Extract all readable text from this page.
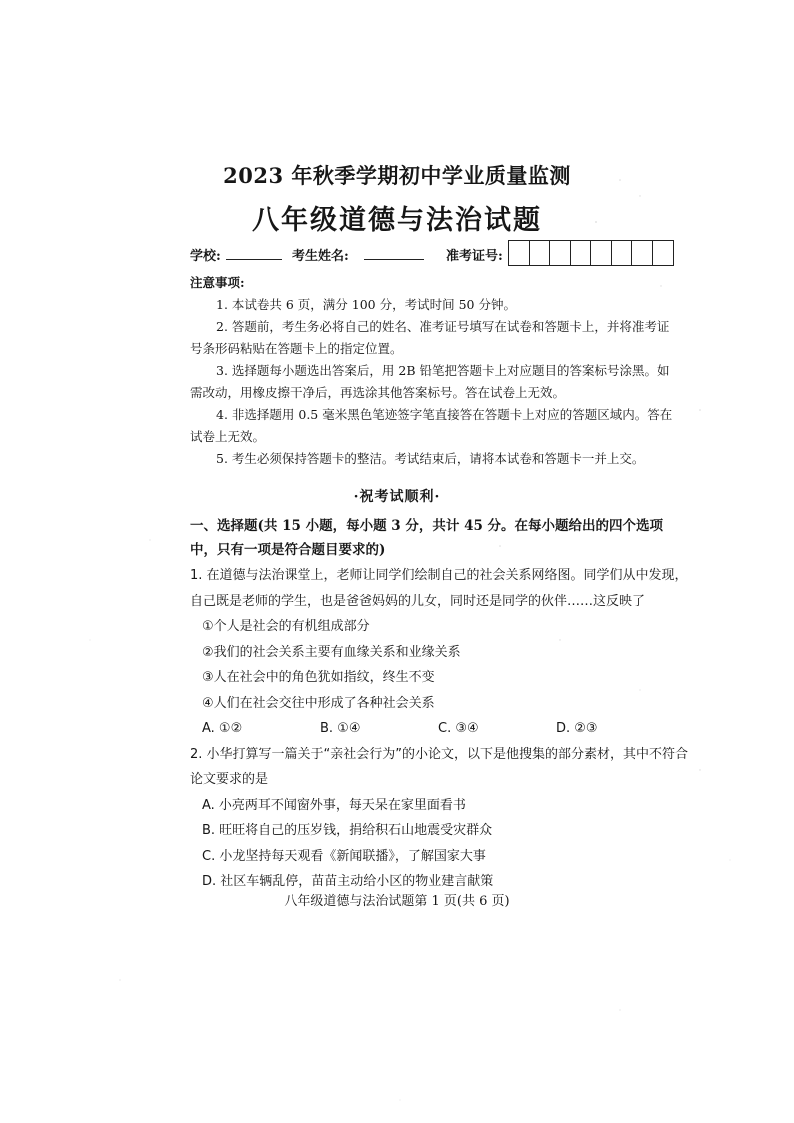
2023 年秋季学期初中学业质量监测
八年级道德与法治试题
学校:	考生姓名:	准考证号:
注意事项:
1. 本试卷共 6 页，满分 100 分，考试时间 50 分钟。
2. 答题前，考生务必将自己的姓名、准考证号填写在试卷和答题卡上，并将准考证号条形码粘贴在答题卡上的指定位置。
3. 选择题每小题选出答案后，用 2B 铅笔把答题卡上对应题目的答案标号涂黑。如需改动，用橡皮擦干净后，再选涂其他答案标号。答在试卷上无效。
4. 非选择题用 0.5 毫米黑色笔迹签字笔直接答在答题卡上对应的答题区域内。答在试卷上无效。
5. 考生必须保持答题卡的整洁。考试结束后，请将本试卷和答题卡一并上交。
·祝考试顺利·
一、选择题(共 15 小题，每小题 3 分，共计 45 分。在每小题给出的四个选项中，只有一项是符合题目要求的)
1. 在道德与法治课堂上，老师让同学们绘制自己的社会关系网络图。同学们从中发现，自己既是老师的学生，也是爸爸妈妈的儿女，同时还是同学的伙伴……这反映了
①个人是社会的有机组成部分
②我们的社会关系主要有血缘关系和业缘关系
③人在社会中的角色犹如指纹，终生不变
④人们在社会交往中形成了各种社会关系
A. ①②	B. ①④	C. ③④	D. ②③
2. 小华打算写一篇关于“亲社会行为”的小论文，以下是他搜集的部分素材，其中不符合论文要求的是
A. 小亮两耳不闻窗外事，每天呆在家里面看书
B. 旺旺将自己的压岁钱，捐给积石山地震受灾群众
C. 小龙坚持每天观看《新闻联播》，了解国家大事
D. 社区车辆乱停，苗苗主动给小区的物业建言献策
八年级道德与法治试题第 1 页(共 6 页)
